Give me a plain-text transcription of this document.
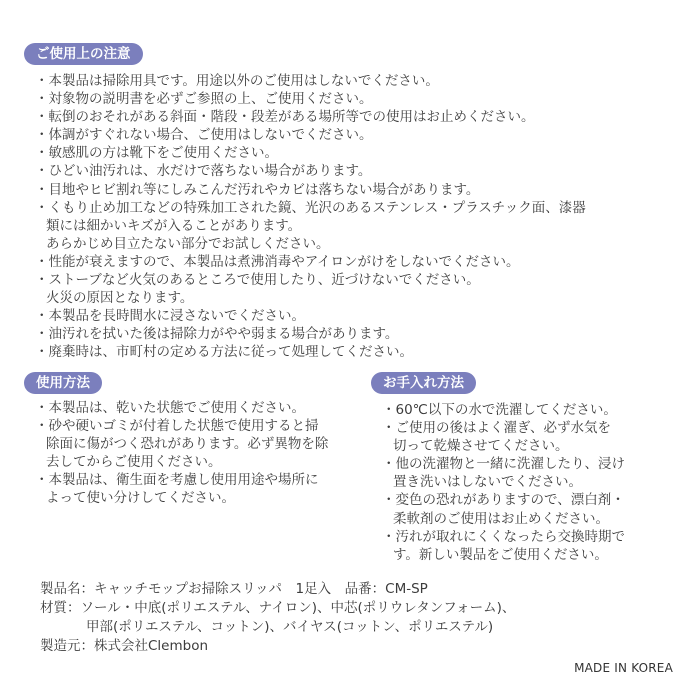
ご使用上の注意
・本製品は掃除用具です。用途以外のご使用はしないでください。
・対象物の説明書を必ずご参照の上、ご使用ください。
・転倒のおそれがある斜面・階段・段差がある場所等での使用はお止めください。
・体調がすぐれない場合、ご使用はしないでください。
・敏感肌の方は靴下をご使用ください。
・ひどい油汚れは、水だけで落ちない場合があります。
・目地やヒビ割れ等にしみこんだ汚れやカビは落ちない場合があります。
・くもり止め加工などの特殊加工された鏡、光沢のあるステンレス・プラスチック面、漆器
類には細かいキズが入ることがあります。
あらかじめ目立たない部分でお試しください。
・性能が衰えますので、本製品は煮沸消毒やアイロンがけをしないでください。
・ストーブなど火気のあるところで使用したり、近づけないでください。
火災の原因となります。
・本製品を長時間水に浸さないでください。
・油汚れを拭いた後は掃除力がやや弱まる場合があります。
・廃棄時は、市町村の定める方法に従って処理してください。
使用方法
・本製品は、乾いた状態でご使用ください。
・砂や硬いゴミが付着した状態で使用すると掃
除面に傷がつく恐れがあります。必ず異物を除
去してからご使用ください。
・本製品は、衛生面を考慮し使用用途や場所に
よって使い分けしてください。
お手入れ方法
・60℃以下の水で洗濯してください。
・ご使用の後はよく濯ぎ、必ず水気を
切って乾燥させてください。
・他の洗濯物と一緒に洗濯したり、浸け
置き洗いはしないでください。
・変色の恐れがありますので、漂白剤・
柔軟剤のご使用はお止めください。
・汚れが取れにくくなったら交換時期で
す。新しい製品をご使用ください。
製品名：キャッチモップお掃除スリッパ　1足入　品番：CM-SP
材質：ソール・中底(ポリエステル、ナイロン)、中芯(ポリウレタンフォーム)、
甲部(ポリエステル、コットン)、バイヤス(コットン、ポリエステル)
製造元：株式会社Clembon
MADE IN KOREA
